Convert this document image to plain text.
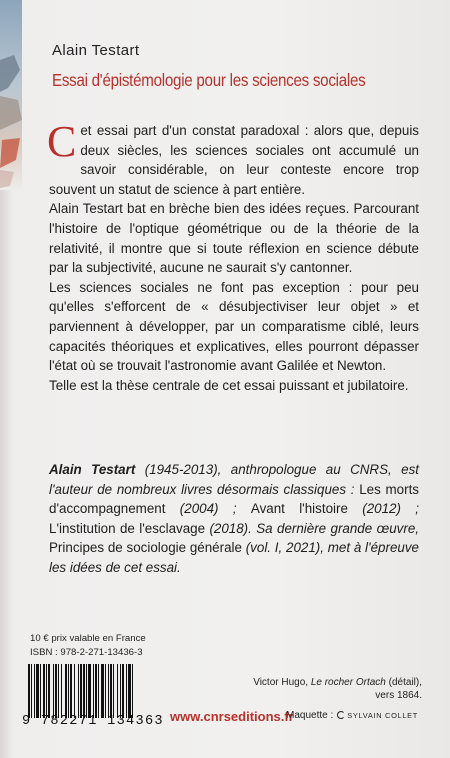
Alain Testart
Essai d'épistémologie pour les sciences sociales

Cet essai part d'un constat paradoxal : alors que, depuis deux siècles, les sciences sociales ont accumulé un savoir considérable, on leur conteste encore trop souvent un statut de science à part entière.

Alain Testart bat en brèche bien des idées reçues. Parcourant l'histoire de l'optique géométrique ou de la théorie de la relativité, il montre que si toute réflexion en science débute par la subjectivité, aucune ne saurait s'y cantonner.

Les sciences sociales ne font pas exception : pour peu qu'elles s'efforcent de « désubjectiviser leur objet » et parviennent à développer, par un comparatisme ciblé, leurs capacités théoriques et explicatives, elles pourront dépasser l'état où se trouvait l'astronomie avant Galilée et Newton.

Telle est la thèse centrale de cet essai puissant et jubilatoire.

Alain Testart (1945-2013), anthropologue au CNRS, est l'auteur de nombreux livres désormais classiques : Les morts d'accompagnement (2004) ; Avant l'histoire (2012) ; L'institution de l'esclavage (2018). Sa dernière grande œuvre, Principes de sociologie générale (vol. I, 2021), met à l'épreuve les idées de cet essai.
10 € prix valable en France
ISBN : 978-2-271-13436-3
9 782271 134363 www.cnrseditions.fr
Victor Hugo, Le rocher Ortach (détail),
vers 1864.
Maquette : SYLVAIN COLLET
